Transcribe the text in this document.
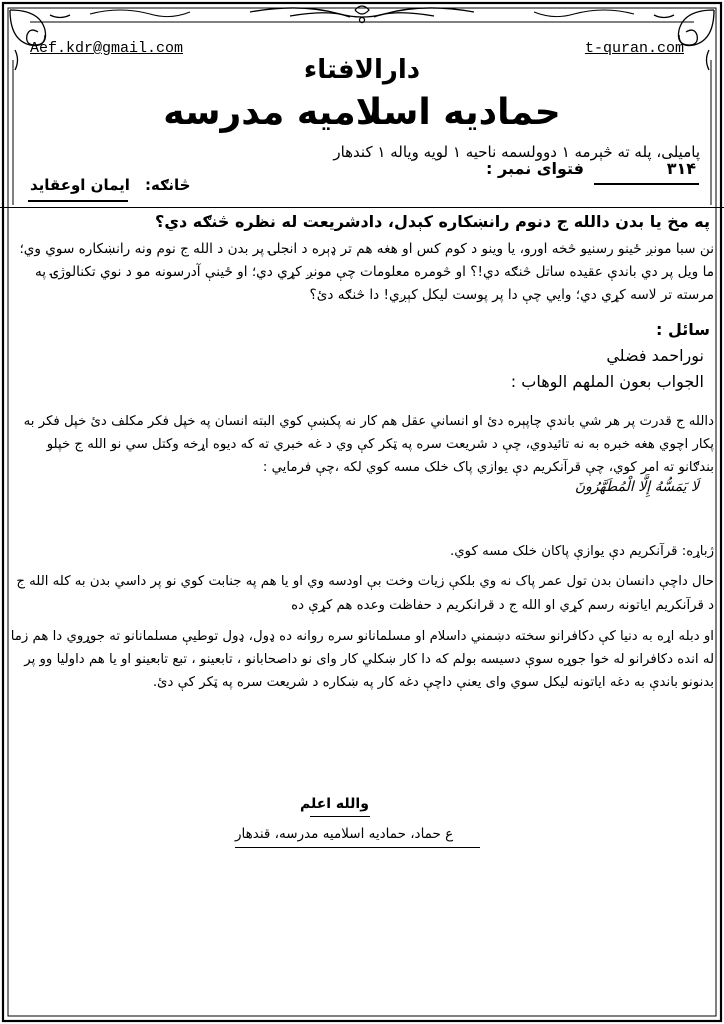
Aef.kdr@gmail.com	t-quran.com
دارالافتاء
حمادیه اسلامیه مدرسه
پامیلی، پله ته څېرمه ۱ دوولسمه ناحیه ۱ لویه ویاله ۱ کندهار
فتوای نمبر :	۳۱۴
څانګه:
ایمان اوعقاید
په مخ یا بدن دالله ج دنوم رانښکاره کېدل، دادشریعت له نظره څنګه دي؟
نن سبا مونږ ځينو رسنيو څخه اورو، يا وينو د کوم کس او هغه هم تر ډېره د انجلۍ پر بدن د الله ج نوم ونه رانښکاره سوي وي؛ ما ويل پر دي باندې عقيده ساتل څنګه دي!؟ او څومره معلومات چې مونږ کړي دي؛ او ځينې آدرسونه مو د نوي تکنالوژۍ په مرسته تر لاسه کړي دي؛ وايي چې دا پر پوست ليکل کېږي! دا څنګه دئ؟
سائل :
نوراحمد فضلي
الجواب بعون الملهم الوهاب :
دالله ج قدرت پر هر شي باندې چاپېره دئ او انساني عقل هم کار نه پکښې کوي البته انسان په خپل فکر مکلف دئ خپل فکر به پکار اچوي هغه خبره به نه تائيدوي، چې د شريعت سره په ټکر کې وي د غه خبري ته که ديوه اړخه وکتل سي نو الله ج خپلو بندګانو ته امر کوي، چې قرآنکريم دې يوازي پاک خلک مسه کوي لکه ،چې فرمايي :
لَا يَمَسُّهُ إِلَّا الْمُطَهَّرُونَ
ژباړه: قرآنکريم دې يوازې پاکان خلک مسه کوي.
حال داچې دانسان بدن تول عمر پاک نه وي بلکې زيات وخت بې اودسه وي او يا هم په جنابت کوي نو پر داسي بدن به کله الله ج د قرآنکريم اياتونه رسم کړي او الله ج د قرانکريم د حفاظت وعده هم کړې ده
او دبله اړه به دنيا کې دکافرانو سخته دښمني داسلام او مسلمانانو سره روانه ده ډول، ډول توطيې مسلمانانو ته جوړوي دا هم زما له انده دکافرانو له خوا جوړه سوې دسيسه بولم که دا کار ښکلي کار واى نو داصحابانو ، تابعينو ، تبع تابعينو او يا هم داوليا وو پر بدنونو باندې به دغه اياتونه ليکل سوي واى يعنې داچې دغه کار په ښکاره د شريعت سره په ټکر کې دئ.
والله اعلم
ع حماد، حمادیه اسلامیه مدرسه، قندهار
